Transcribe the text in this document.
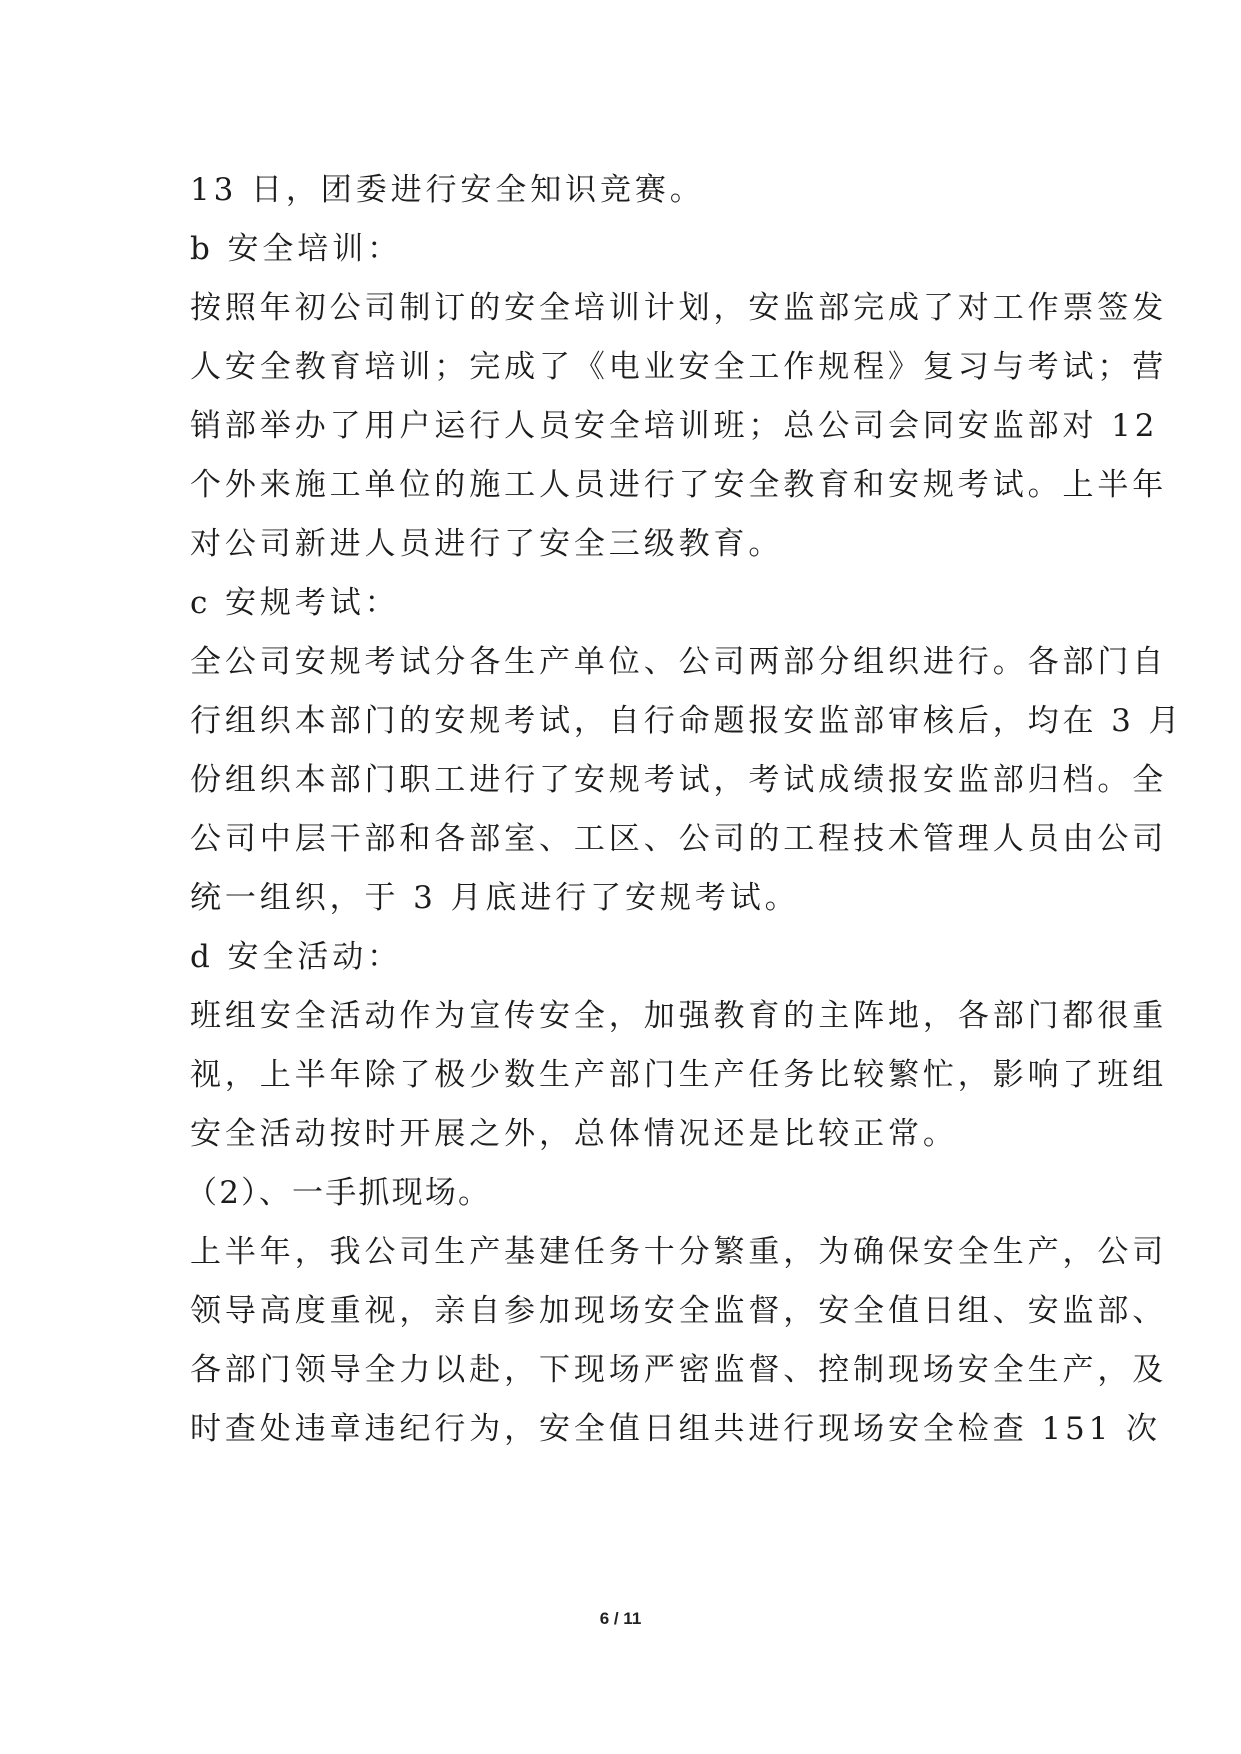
13 日，团委进行安全知识竞赛。
b 安全培训：
按照年初公司制订的安全培训计划，安监部完成了对工作票签发
人安全教育培训；完成了《电业安全工作规程》复习与考试；营
销部举办了用户运行人员安全培训班；总公司会同安监部对 12
个外来施工单位的施工人员进行了安全教育和安规考试。上半年
对公司新进人员进行了安全三级教育。
c 安规考试：
全公司安规考试分各生产单位、公司两部分组织进行。各部门自
行组织本部门的安规考试，自行命题报安监部审核后，均在 3 月
份组织本部门职工进行了安规考试，考试成绩报安监部归档。全
公司中层干部和各部室、工区、公司的工程技术管理人员由公司
统一组织，于 3 月底进行了安规考试。
d 安全活动：
班组安全活动作为宣传安全，加强教育的主阵地，各部门都很重
视，上半年除了极少数生产部门生产任务比较繁忙，影响了班组
安全活动按时开展之外，总体情况还是比较正常。
（2）、一手抓现场。
上半年，我公司生产基建任务十分繁重，为确保安全生产，公司
领导高度重视，亲自参加现场安全监督，安全值日组、安监部、
各部门领导全力以赴，下现场严密监督、控制现场安全生产，及
时查处违章违纪行为，安全值日组共进行现场安全检查 151 次
6 / 11
